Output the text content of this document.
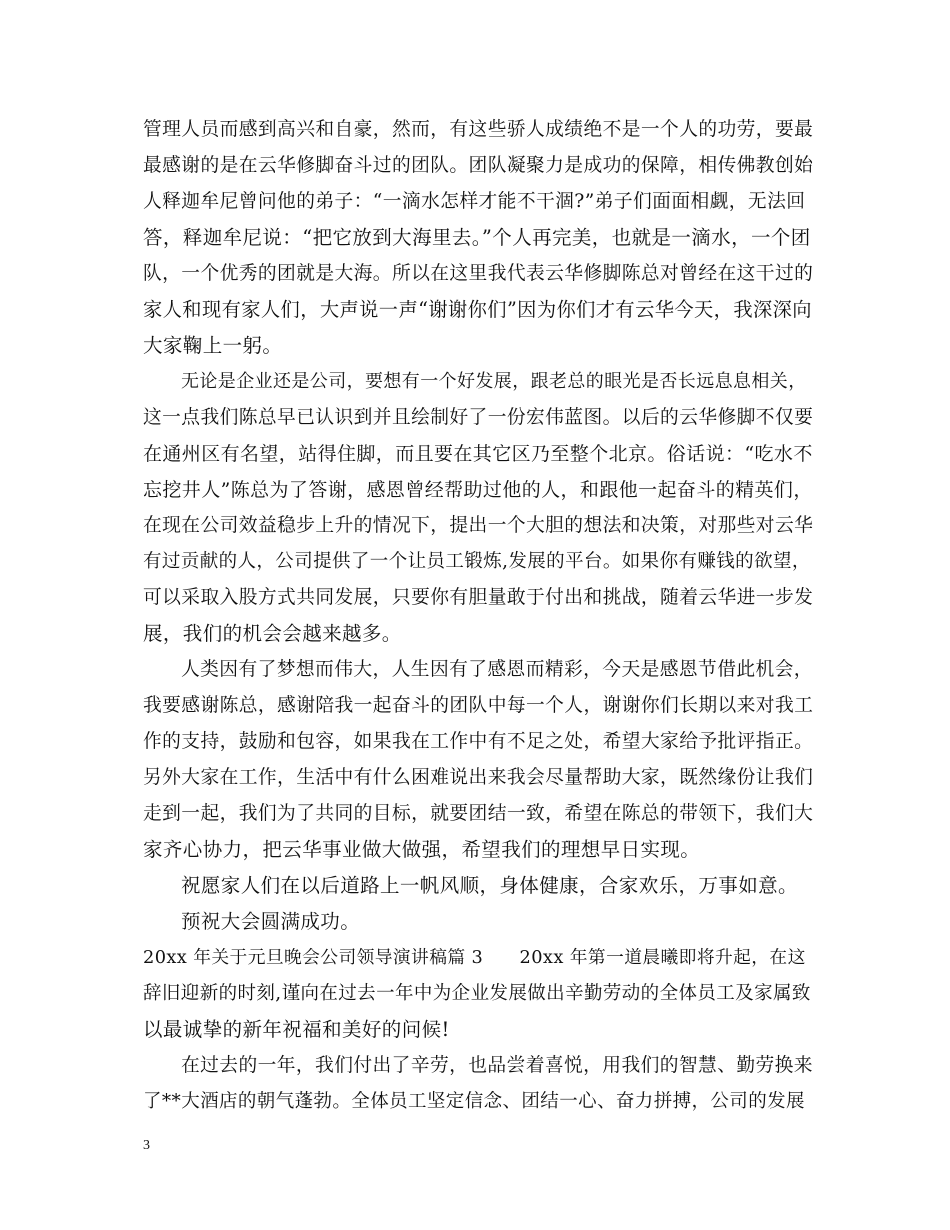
管理人员而感到高兴和自豪，然而，有这些骄人成绩绝不是一个人的功劳，要最
最感谢的是在云华修脚奋斗过的团队。团队凝聚力是成功的保障，相传佛教创始
人释迦牟尼曾问他的弟子：“一滴水怎样才能不干涸?”弟子们面面相觑，无法回
答，释迦牟尼说：“把它放到大海里去。”个人再完美，也就是一滴水，一个团
队，一个优秀的团就是大海。所以在这里我代表云华修脚陈总对曾经在这干过的
家人和现有家人们，大声说一声“谢谢你们”因为你们才有云华今天，我深深向
大家鞠上一躬。
无论是企业还是公司，要想有一个好发展，跟老总的眼光是否长远息息相关，
这一点我们陈总早已认识到并且绘制好了一份宏伟蓝图。以后的云华修脚不仅要
在通州区有名望，站得住脚，而且要在其它区乃至整个北京。俗话说：“吃水不
忘挖井人”陈总为了答谢，感恩曾经帮助过他的人，和跟他一起奋斗的精英们，
在现在公司效益稳步上升的情况下，提出一个大胆的想法和决策，对那些对云华
有过贡献的人，公司提供了一个让员工锻炼,发展的平台。如果你有赚钱的欲望，
可以采取入股方式共同发展，只要你有胆量敢于付出和挑战，随着云华进一步发
展，我们的机会会越来越多。
人类因有了梦想而伟大，人生因有了感恩而精彩，今天是感恩节借此机会，
我要感谢陈总，感谢陪我一起奋斗的团队中每一个人，谢谢你们长期以来对我工
作的支持，鼓励和包容，如果我在工作中有不足之处，希望大家给予批评指正。
另外大家在工作，生活中有什么困难说出来我会尽量帮助大家，既然缘份让我们
走到一起，我们为了共同的目标，就要团结一致，希望在陈总的带领下，我们大
家齐心协力，把云华事业做大做强，希望我们的理想早日实现。
祝愿家人们在以后道路上一帆风顺，身体健康，合家欢乐，万事如意。
预祝大会圆满成功。
20xx 年关于元旦晚会公司领导演讲稿篇 3　　20xx 年第一道晨曦即将升起，在这
辞旧迎新的时刻,谨向在过去一年中为企业发展做出辛勤劳动的全体员工及家属致
以最诚挚的新年祝福和美好的问候!
在过去的一年，我们付出了辛劳，也品尝着喜悦，用我们的智慧、勤劳换来
了**大酒店的朝气蓬勃。全体员工坚定信念、团结一心、奋力拼搏，公司的发展
3
